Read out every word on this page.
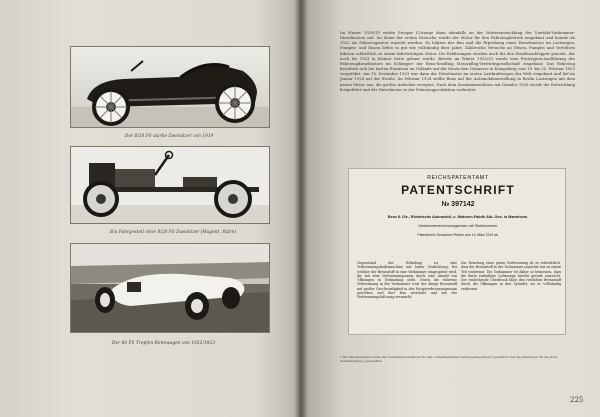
Der 6/20 PS starke Zweisitzer von 1919
Ein Fahrgestell ohne 8/20 PS Zweisitzer (Magent, Stärn)
Der 80 PS Tropfen-Rennwagen von 1922/1923
Im Winter 1918/19 wirkte Prosper L’Orange dann ebenfalls an der Weiterentwicklung des Viertakt-Vorkammer-Dieselmotors mit. Im Sinne der ersten Versuche wurde der Motor für den Fahrzeugbetrieb umgebaut und konnte ab 1922 als Fahrzeugmotor erprobt werden. Es folgten der Bau und die Erprobung eines Dieselmotors im Lastwagen, Pumpen- und Düsen liefen so gut wie vollständig über Jahre. Zahlreiche Versuche an Düsen, Pumpen und Verteilern führten schließlich zu einem fahrtüchtigen Motor. Die Erfahrungen wurden auch für den Straßenschlepper genutzt, der noch bis 1923 in kleiner Serie gebaut wurde. Bereits im Winter 1922/23 wurde eine Prototypen-Ausführung des Fahrzeugdieselmotors im Schlepper der Benz-Sendling Motorpflug-Vertriebsgesellschaft eingebaut. Das Fahrzeug bewährte sich bei harten Einsätzen im Gelände auf der Deutschen Ostmesse in Königsberg vom 19. bis 25. Februar 1923 vorgeführt. Am 18. Dezember 1923 war dann der Dieselmotor im ersten Lastkraftwagen der Welt eingebaut und lief im Januar 1924 auf der Straße. Im Februar 1924 stellte Benz auf der Automobilausstellung in Berlin Lastwagen mit dem neuen Motor aus, die großes Aufsehen erregten. Nach dem Zusammenschluss mit Daimler 1926 wurde die Entwicklung fortgeführt und der Dieselmotor in der Fahrzeugproduktion verbreitet.
REICHSPATENTAMT
PATENTSCHRIFT
№ 397142
Benz & Cie., Rheinische Automobil- u. Motoren-Fabrik Akt.-Ges. in Mannheim.
Vorkammerverbrennungsmotor mit Strahlnummer.
Patentiert im Deutschen Reiche vom 14. März 1919 ab.
Gegenstand der Erfindung ist eine Verbrennungskraftmaschine mit hoher Verdichtung, bei welcher der Brennstoff in eine Vorkammer eingespritzt wird, die mit dem Verbrennungsraum durch eine Anzahl von Öffnungen in Verbindung steht. Durch die teilweise Verbrennung in der Vorkammer wird der übrige Brennstoff mit großer Geschwindigkeit in den Hauptverbrennungsraum getrieben und dort fein zerstäubt und mit der Verbrennungsluft innig vermischt.
Zur Erzielung einer guten Verbrennung ist es erforderlich, dass der Brennstoff in der Vorkammer zunächst nur zu einem Teil verbrennt. Die Vorkammer ist daher so bemessen, dass die darin enthaltene Luftmenge hierfür gerade ausreicht. Der entstehende Überdruck bläst den restlichen Brennstoff durch die Öffnungen in den Zylinder, wo er vollständig verbrennt.
* Mit diesem Patent wurde das Vorkammerverfahren für den schnelllaufenden Fahrzeugdieselmotor geschützt und die Grundlage für die erste Serienfertigung geschaffen.
225
